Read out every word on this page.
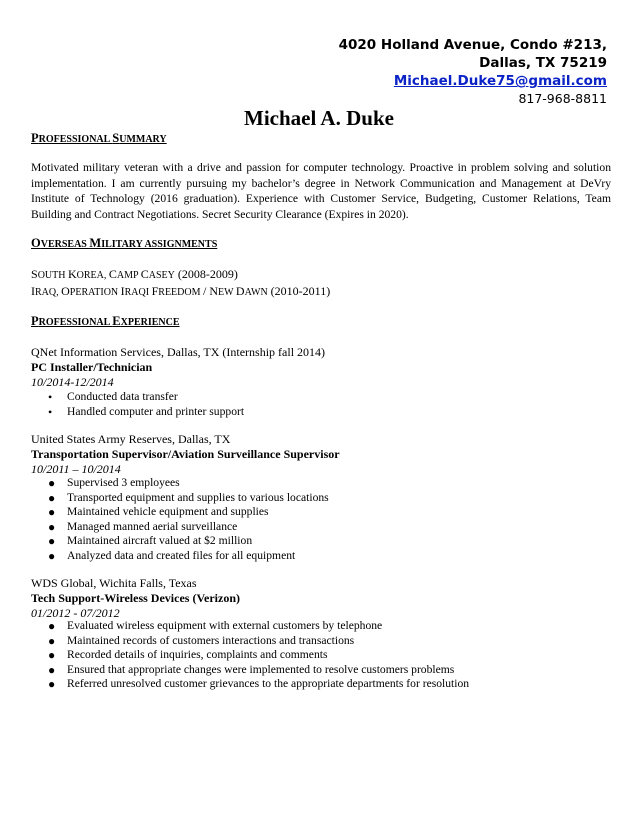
4020 Holland Avenue, Condo #213,
Dallas, TX 75219
Michael.Duke75@gmail.com
817-968-8811
Michael A. Duke
PROFESSIONAL SUMMARY
Motivated military veteran with a drive and passion for computer technology. Proactive in problem solving and solution implementation. I am currently pursuing my bachelor’s degree in Network Communication and Management at DeVry Institute of Technology (2016 graduation). Experience with Customer Service, Budgeting, Customer Relations, Team Building and Contract Negotiations. Secret Security Clearance (Expires in 2020).
OVERSEAS MILITARY ASSIGNMENTS
SOUTH KOREA, CAMP CASEY (2008-2009)
IRAQ, OPERATION IRAQI FREEDOM / NEW DAWN (2010-2011)
PROFESSIONAL EXPERIENCE
QNet Information Services, Dallas, TX (Internship fall 2014)
PC Installer/Technician
10/2014-12/2014
• Conducted data transfer
• Handled computer and printer support
United States Army Reserves, Dallas, TX
Transportation Supervisor/Aviation Surveillance Supervisor
10/2011 – 10/2014
● Supervised 3 employees
● Transported equipment and supplies to various locations
● Maintained vehicle equipment and supplies
● Managed manned aerial surveillance
● Maintained aircraft valued at $2 million
● Analyzed data and created files for all equipment
WDS Global, Wichita Falls, Texas
Tech Support-Wireless Devices (Verizon)
01/2012 - 07/2012
● Evaluated wireless equipment with external customers by telephone
● Maintained records of customers interactions and transactions
● Recorded details of inquiries, complaints and comments
● Ensured that appropriate changes were implemented to resolve customers problems
● Referred unresolved customer grievances to the appropriate departments for resolution
